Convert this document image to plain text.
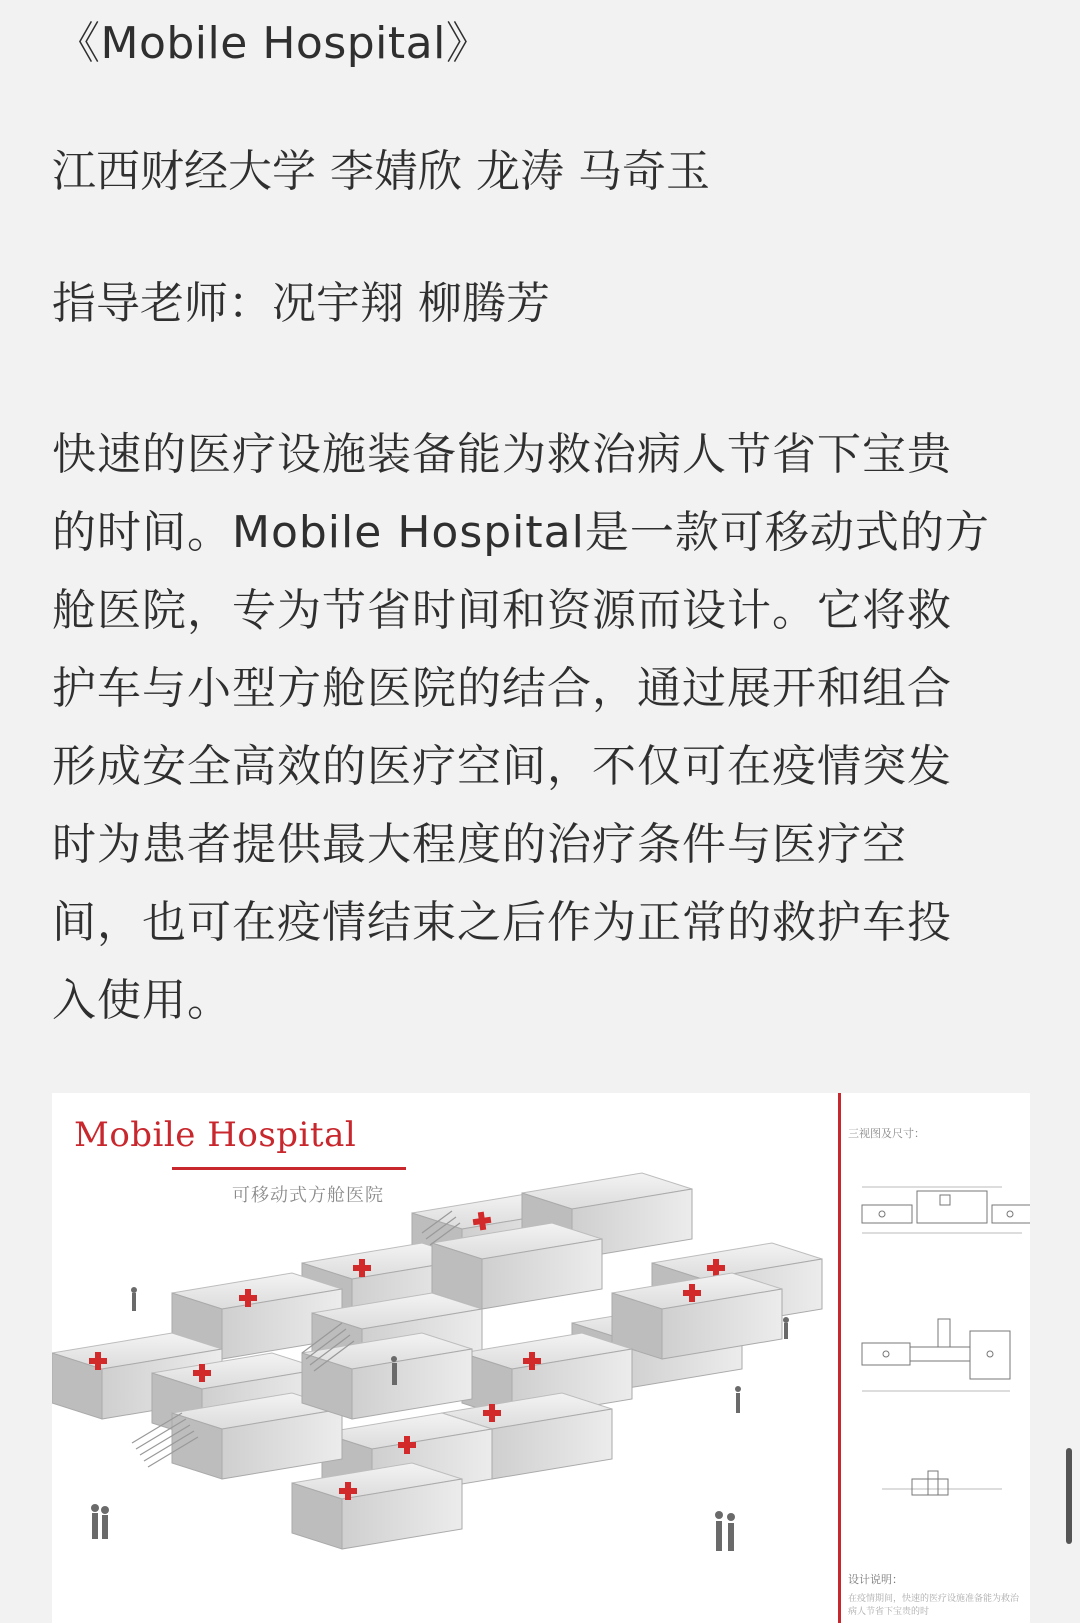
《Mobile Hospital》
江西财经大学 李婧欣 龙涛 马奇玉
指导老师：况宇翔 柳腾芳
快速的医疗设施装备能为救治病人节省下宝贵
的时间。Mobile Hospital是一款可移动式的方
舱医院，专为节省时间和资源而设计。它将救
护车与小型方舱医院的结合，通过展开和组合
形成安全高效的医疗空间，不仅可在疫情突发
时为患者提供最大程度的治疗条件与医疗空
间，也可在疫情结束之后作为正常的救护车投
入使用。
Mobile Hospital
可移动式方舱医院
三视图及尺寸：
设计说明：
在疫情期间，快速的医疗设施准备能为救治病人节省下宝贵的时
